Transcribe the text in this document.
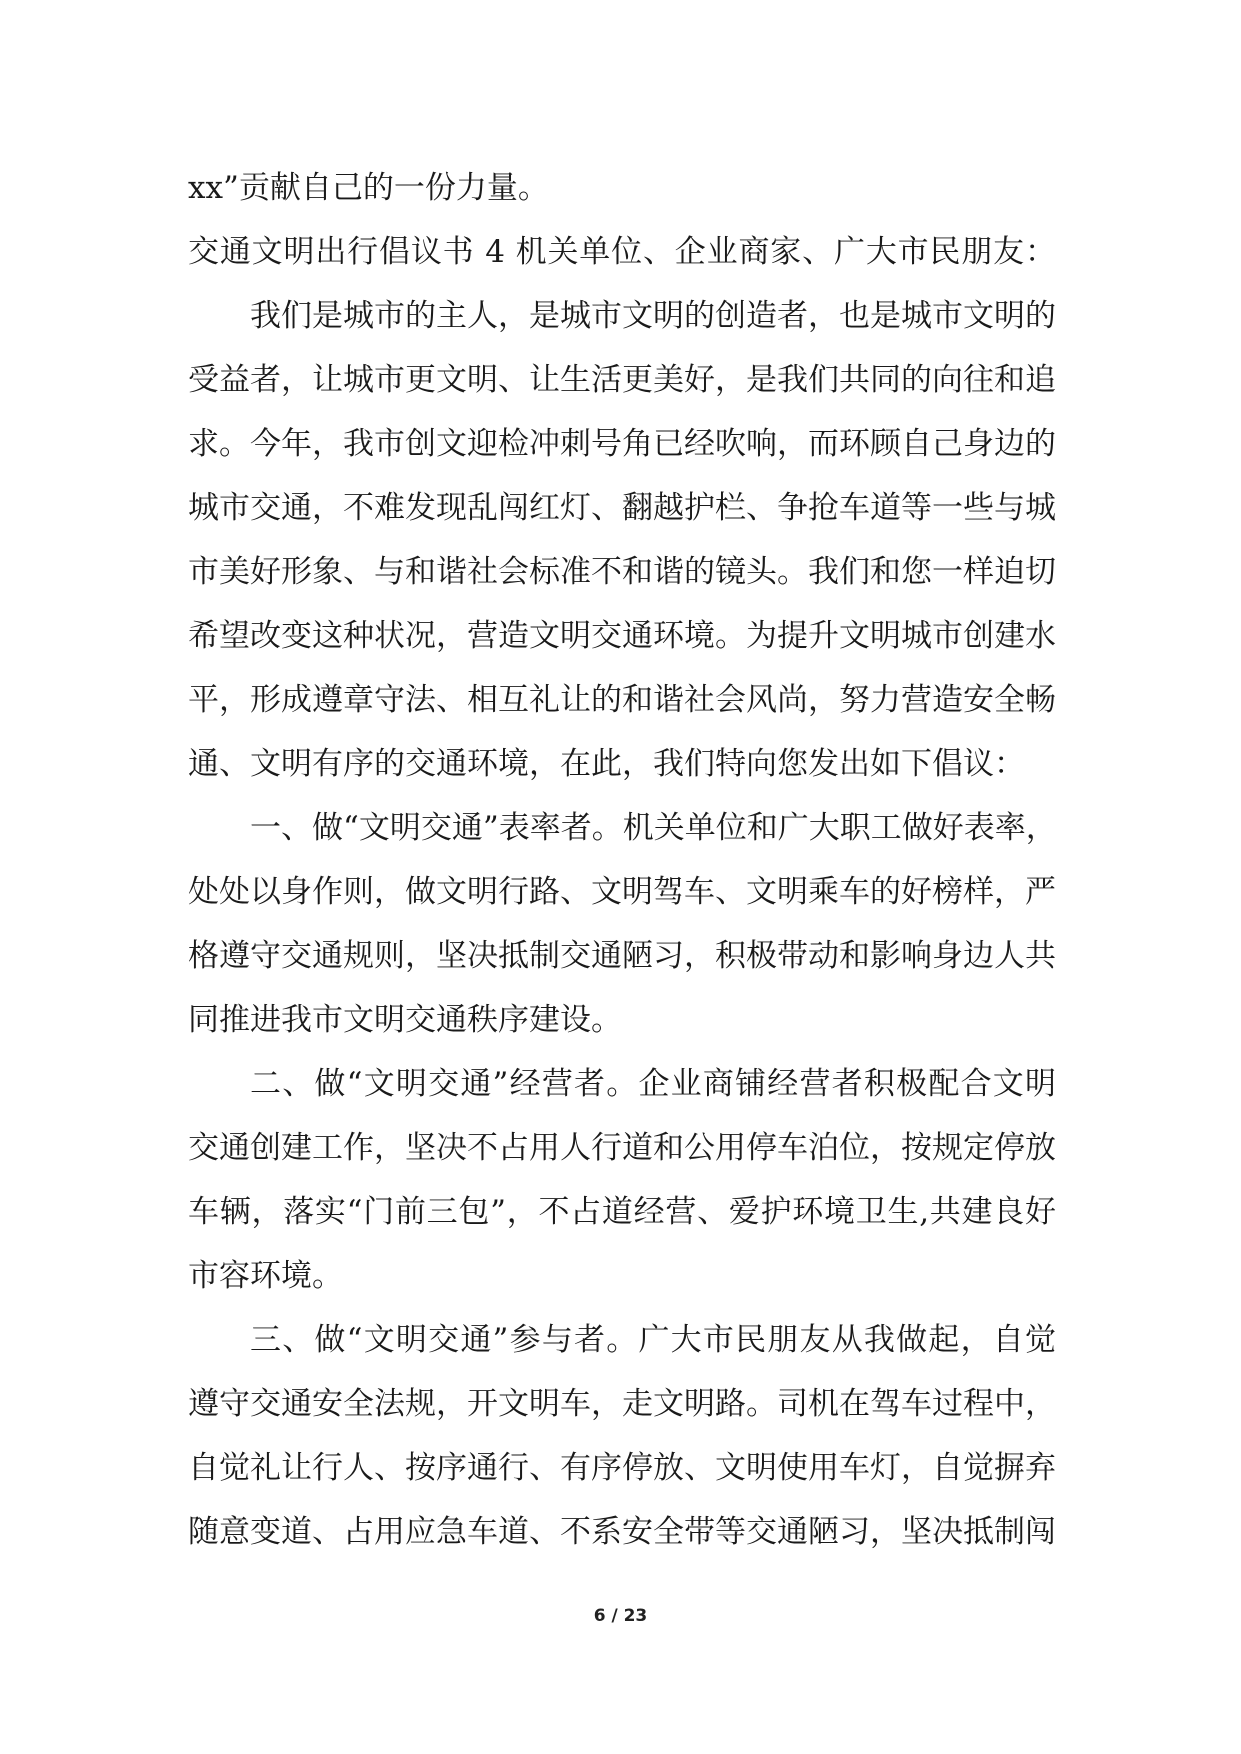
xx”贡献自己的一份力量。
交通文明出行倡议书 4 机关单位、企业商家、广大市民朋友：
我们是城市的主人，是城市文明的创造者，也是城市文明的
受益者，让城市更文明、让生活更美好，是我们共同的向往和追
求。今年，我市创文迎检冲刺号角已经吹响，而环顾自己身边的
城市交通，不难发现乱闯红灯、翻越护栏、争抢车道等一些与城
市美好形象、与和谐社会标准不和谐的镜头。我们和您一样迫切
希望改变这种状况，营造文明交通环境。为提升文明城市创建水
平，形成遵章守法、相互礼让的和谐社会风尚，努力营造安全畅
通、文明有序的交通环境，在此，我们特向您发出如下倡议：
一、做“文明交通”表率者。机关单位和广大职工做好表率，
处处以身作则，做文明行路、文明驾车、文明乘车的好榜样，严
格遵守交通规则，坚决抵制交通陋习，积极带动和影响身边人共
同推进我市文明交通秩序建设。
二、做“文明交通”经营者。企业商铺经营者积极配合文明
交通创建工作，坚决不占用人行道和公用停车泊位，按规定停放
车辆，落实“门前三包”，不占道经营、爱护环境卫生,共建良好
市容环境。
三、做“文明交通”参与者。广大市民朋友从我做起，自觉
遵守交通安全法规，开文明车，走文明路。司机在驾车过程中，
自觉礼让行人、按序通行、有序停放、文明使用车灯，自觉摒弃
随意变道、占用应急车道、不系安全带等交通陋习，坚决抵制闯
6 / 23
